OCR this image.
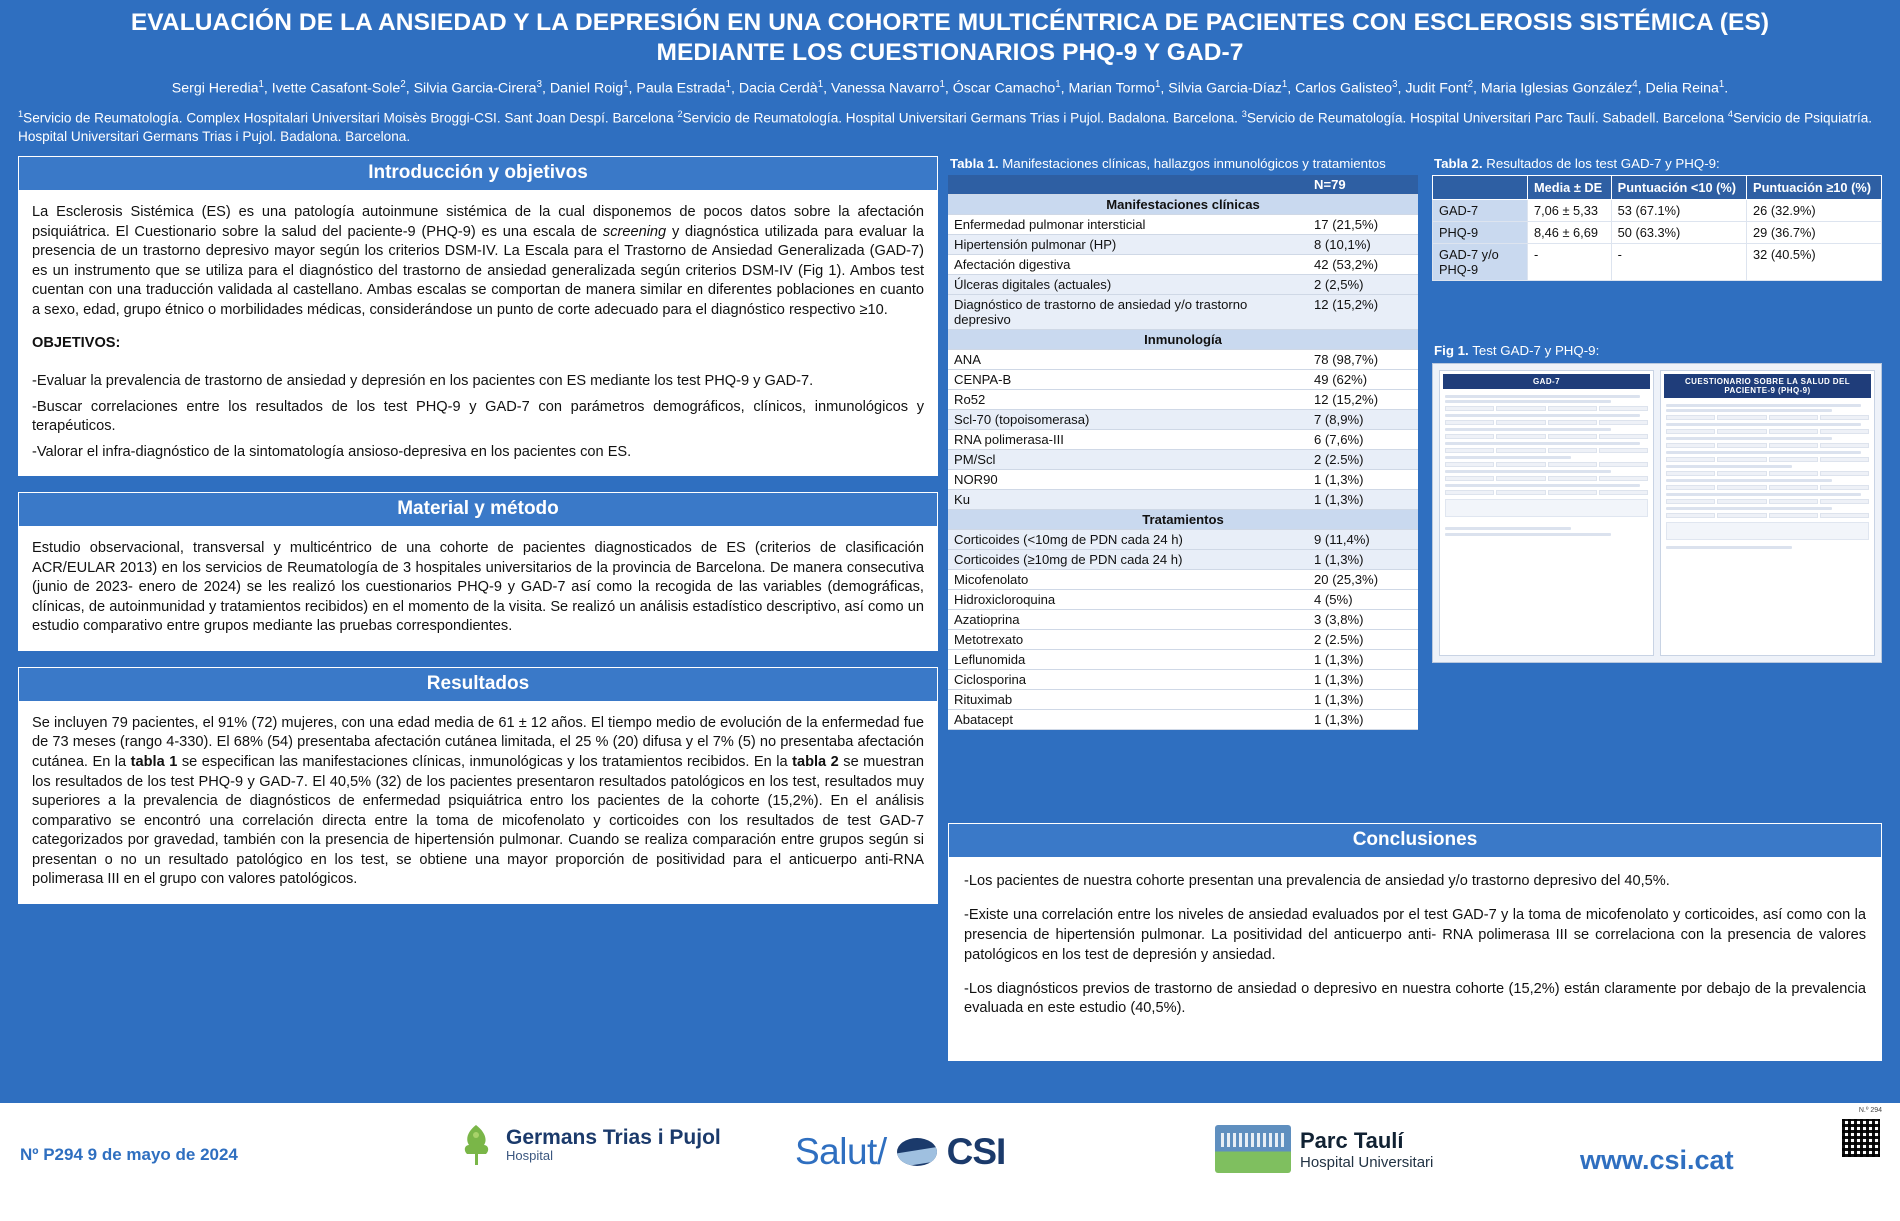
EVALUACIÓN DE LA ANSIEDAD Y LA DEPRESIÓN EN UNA COHORTE MULTICÉNTRICA DE PACIENTES CON ESCLEROSIS SISTÉMICA (ES)
MEDIANTE LOS CUESTIONARIOS PHQ-9 Y GAD-7
Sergi Heredia$^1$, Ivette Casafont-Sole$^2$, Silvia Garcia-Cirera$^3$, Daniel Roig$^1$, Paula Estrada$^1$, Dacia Cerdà$^1$, Vanessa Navarro$^1$, Óscar Camacho$^1$, Marian Tormo$^1$, Silvia Garcia-Díaz$^1$, Carlos Galisteo$^3$, Judit Font$^2$, Maria Iglesias González$^4$, Delia Reina$^1$.
$^1$Servicio de Reumatología. Complex Hospitalari Universitari Moisès Broggi-CSI. Sant Joan Despí. Barcelona $^2$Servicio de Reumatología. Hospital Universitari Germans Trias i Pujol. Badalona. Barcelona. $^3$Servicio de Reumatología. Hospital Universitari Parc Taulí. Sabadell. Barcelona $^4$Servicio de Psiquiatría. Hospital Universitari Germans Trias i Pujol. Badalona. Barcelona.
Introducción y objetivos

La Esclerosis Sistémica (ES) es una patología autoinmune sistémica de la cual disponemos de pocos datos sobre la afectación psiquiátrica. El Cuestionario sobre la salud del paciente-9 (PHQ-9) es una escala de screening y diagnóstica utilizada para evaluar la presencia de un trastorno depresivo mayor según los criterios DSM-IV. La Escala para el Trastorno de Ansiedad Generalizada (GAD-7) es un instrumento que se utiliza para el diagnóstico del trastorno de ansiedad generalizada según criterios DSM-IV (Fig 1). Ambos test cuentan con una traducción validada al castellano. Ambas escalas se comportan de manera similar en diferentes poblaciones en cuanto a sexo, edad, grupo étnico o morbilidades médicas, considerándose un punto de corte adecuado para el diagnóstico respectivo ≥10.

OBJETIVOS:

-Evaluar la prevalencia de trastorno de ansiedad y depresión en los pacientes con ES mediante los test PHQ-9 y GAD-7.

-Buscar correlaciones entre los resultados de los test PHQ-9 y GAD-7 con parámetros demográficos, clínicos, inmunológicos y terapéuticos.

-Valorar el infra-diagnóstico de la sintomatología ansioso-depresiva en los pacientes con ES.

Material y método

Estudio observacional, transversal y multicéntrico de una cohorte de pacientes diagnosticados de ES (criterios de clasificación ACR/EULAR 2013) en los servicios de Reumatología de 3 hospitales universitarios de la provincia de Barcelona. De manera consecutiva (junio de 2023- enero de 2024) se les realizó los cuestionarios PHQ-9 y GAD-7 así como la recogida de las variables (demográficas, clínicas, de autoinmunidad y tratamientos recibidos) en el momento de la visita. Se realizó un análisis estadístico descriptivo, así como un estudio comparativo entre grupos mediante las pruebas correspondientes.

Resultados

Se incluyen 79 pacientes, el 91% (72) mujeres, con una edad media de 61 ± 12 años. El tiempo medio de evolución de la enfermedad fue de 73 meses (rango 4-330). El 68% (54) presentaba afectación cutánea limitada, el 25 % (20) difusa y el 7% (5) no presentaba afectación cutánea. En la tabla 1 se especifican las manifestaciones clínicas, inmunológicas y los tratamientos recibidos. En la tabla 2 se muestran los resultados de los test PHQ-9 y GAD-7. El 40,5% (32) de los pacientes presentaron resultados patológicos en los test, resultados muy superiores a la prevalencia de diagnósticos de enfermedad psiquiátrica entro los pacientes de la cohorte (15,2%). En el análisis comparativo se encontró una correlación directa entre la toma de micofenolato y corticoides con los resultados de test GAD-7 categorizados por gravedad, también con la presencia de hipertensión pulmonar. Cuando se realiza comparación entre grupos según si presentan o no un resultado patológico en los test, se obtiene una mayor proporción de positividad para el anticuerpo anti-RNA polimerasa III en el grupo con valores patológicos.

Tabla 1. Manifestaciones clínicas, hallazgos inmunológicos y tratamientos
	N=79
Manifestaciones clínicas	
Enfermedad pulmonar intersticial	17 (21,5%)
Hipertensión pulmonar (HP)	8 (10,1%)
Afectación digestiva	42 (53,2%)
Úlceras digitales (actuales)	2 (2,5%)
Diagnóstico de trastorno de ansiedad y/o trastorno depresivo	12 (15,2%)
Inmunología	
ANA	78 (98,7%)
CENPA-B	49 (62%)
Ro52	12 (15,2%)
Scl-70 (topoisomerasa)	7 (8,9%)
RNA polimerasa-III	6 (7,6%)
PM/Scl	2 (2.5%)
NOR90	1 (1,3%)
Ku	1 (1,3%)
Tratamientos	
Corticoides (<10mg de PDN cada 24 h)	9 (11,4%)
Corticoides (≥10mg de PDN cada 24 h)	1 (1,3%)
Micofenolato	20 (25,3%)
Hidroxicloroquina	4 (5%)
Azatioprina	3 (3,8%)
Metotrexato	2 (2.5%)
Leflunomida	1 (1,3%)
Ciclosporina	1 (1,3%)
Rituximab	1 (1,3%)
Abatacept	1 (1,3%)
Tabla 2. Resultados de los test GAD-7 y PHQ-9:
	Media ± DE	Puntuación <10 (%)	Puntuación ≥10 (%)
GAD-7	7,06 ± 5,33	53 (67.1%)	26 (32.9%)
PHQ-9	8,46 ± 6,69	50 (63.3%)	29 (36.7%)
GAD-7 y/o PHQ-9	-	-	32 (40.5%)
Fig 1. Test GAD-7 y PHQ-9:
GAD-7	CUESTIONARIO SOBRE LA SALUD DEL PACIENTE-9 (PHQ-9)
Conclusiones

-Los pacientes de nuestra cohorte presentan una prevalencia de ansiedad y/o trastorno depresivo del 40,5%.

-Existe una correlación entre los niveles de ansiedad evaluados por el test GAD-7 y la toma de micofenolato y corticoides, así como con la presencia de hipertensión pulmonar. La positividad del anticuerpo anti- RNA polimerasa III se correlaciona con la presencia de valores patológicos en los test de depresión y ansiedad.

-Los diagnósticos previos de trastorno de ansiedad o depresivo en nuestra cohorte (15,2%) están claramente por debajo de la prevalencia evaluada en este estudio (40,5%).

Nº P294 9 de mayo de 2024
Germans Trias i Pujol
Hospital	Salut/ CSI	Parc Taulí
Hospital Universitari	www.csi.cat
N.º 294
